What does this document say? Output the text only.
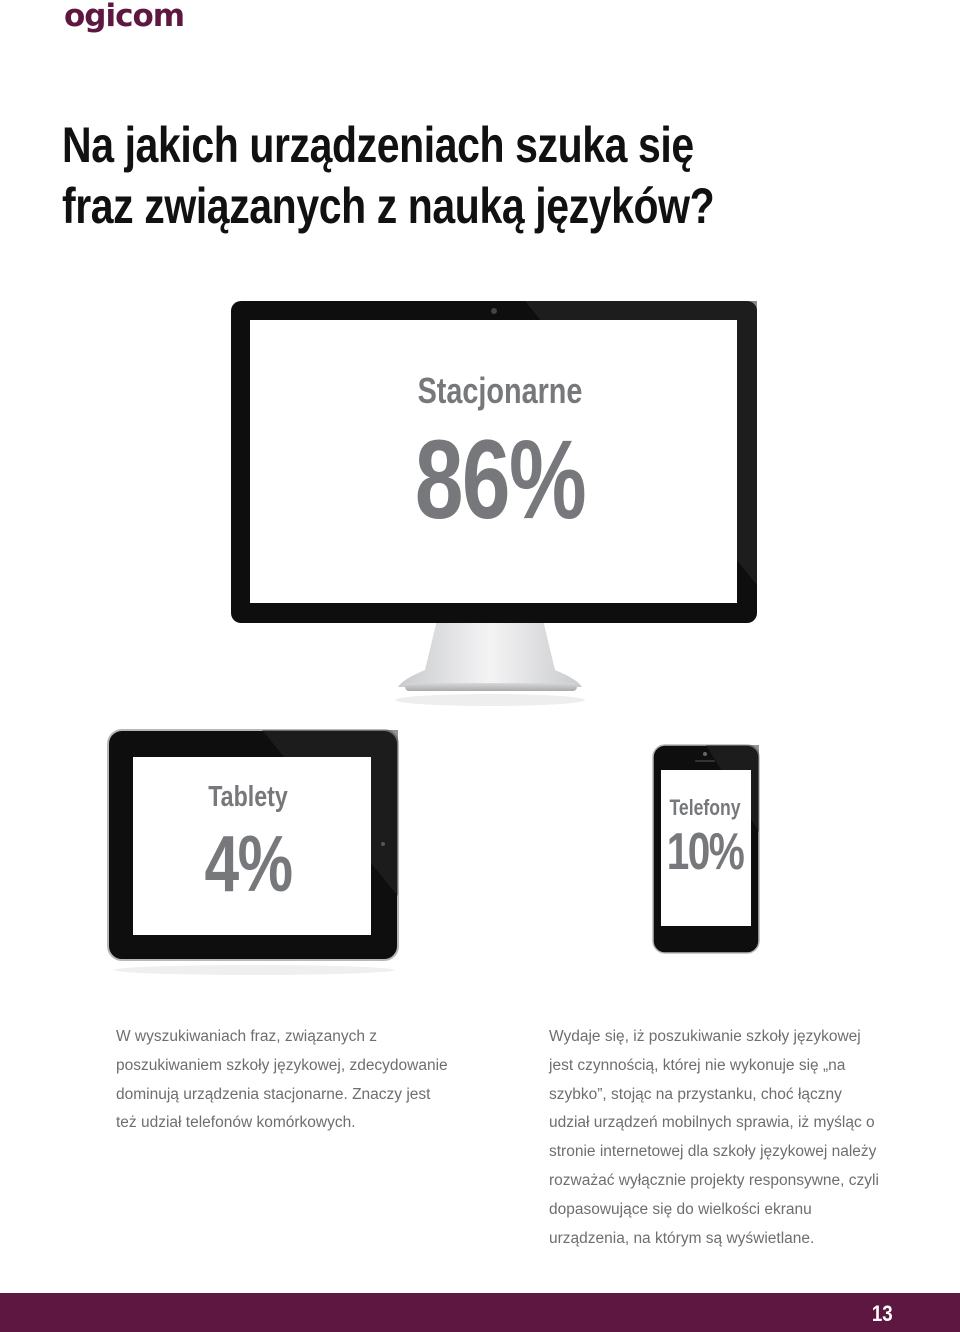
ogicom
Na jakich urządzeniach szuka się
fraz związanych z nauką języków?
Stacjonarne
86%
Tablety
4%
Telefony
10%

W wyszukiwaniach fraz, związanych z
poszukiwaniem szkoły językowej, zdecydowanie
dominują urządzenia stacjonarne. Znaczy jest
też udział telefonów komórkowych.

Wydaje się, iż poszukiwanie szkoły językowej
jest czynnością, której nie wykonuje się „na
szybko”, stojąc na przystanku, choć łączny
udział urządzeń mobilnych sprawia, iż myśląc o
stronie internetowej dla szkoły językowej należy
rozważać wyłącznie projekty responsywne, czyli
dopasowujące się do wielkości ekranu
urządzenia, na którym są wyświetlane.

13
